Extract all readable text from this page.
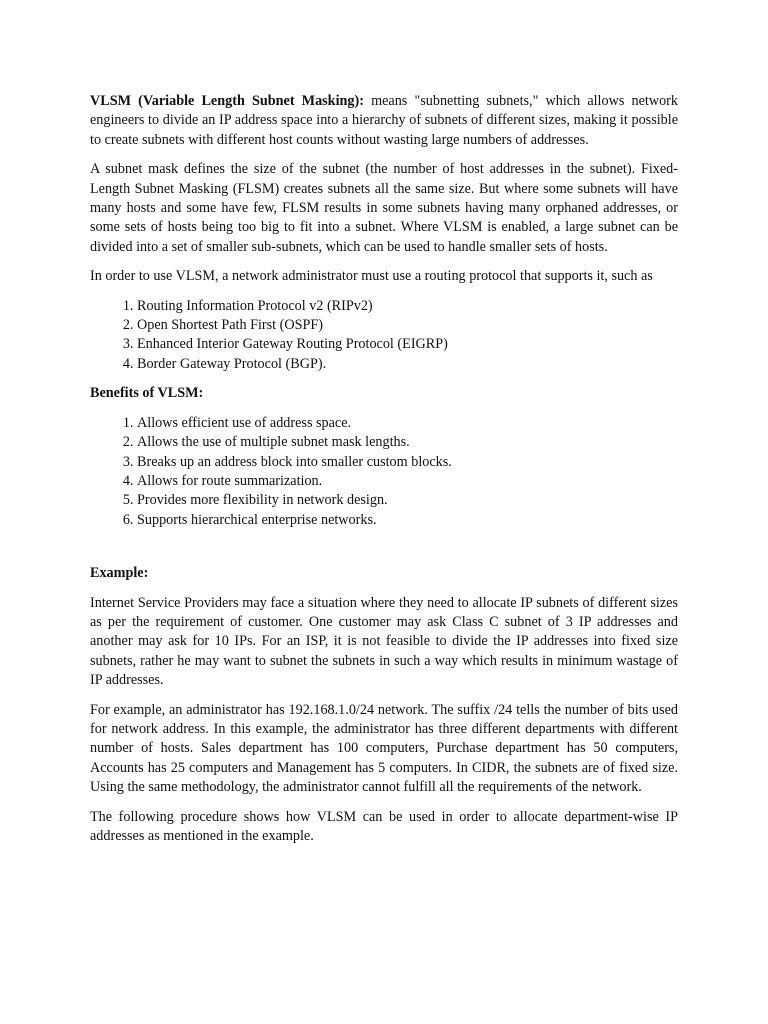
VLSM (Variable Length Subnet Masking): means "subnetting subnets," which allows network engineers to divide an IP address space into a hierarchy of subnets of different sizes, making it possible to create subnets with different host counts without wasting large numbers of addresses.

A subnet mask defines the size of the subnet (the number of host addresses in the subnet). Fixed-Length Subnet Masking (FLSM) creates subnets all the same size. But where some subnets will have many hosts and some have few, FLSM results in some subnets having many orphaned addresses, or some sets of hosts being too big to fit into a subnet. Where VLSM is enabled, a large subnet can be divided into a set of smaller sub-subnets, which can be used to handle smaller sets of hosts.

In order to use VLSM, a network administrator must use a routing protocol that supports it, such as

1. Routing Information Protocol v2 (RIPv2)
2. Open Shortest Path First (OSPF)
3. Enhanced Interior Gateway Routing Protocol (EIGRP)
4. Border Gateway Protocol (BGP).
Benefits of VLSM:
1. Allows efficient use of address space.
2. Allows the use of multiple subnet mask lengths.
3. Breaks up an address block into smaller custom blocks.
4. Allows for route summarization.
5. Provides more flexibility in network design.
6. Supports hierarchical enterprise networks.
Example:

Internet Service Providers may face a situation where they need to allocate IP subnets of different sizes as per the requirement of customer. One customer may ask Class C subnet of 3 IP addresses and another may ask for 10 IPs. For an ISP, it is not feasible to divide the IP addresses into fixed size subnets, rather he may want to subnet the subnets in such a way which results in minimum wastage of IP addresses.

For example, an administrator has 192.168.1.0/24 network. The suffix /24 tells the number of bits used for network address. In this example, the administrator has three different departments with different number of hosts. Sales department has 100 computers, Purchase department has 50 computers, Accounts has 25 computers and Management has 5 computers. In CIDR, the subnets are of fixed size. Using the same methodology, the administrator cannot fulfill all the requirements of the network.

The following procedure shows how VLSM can be used in order to allocate department-wise IP addresses as mentioned in the example.
